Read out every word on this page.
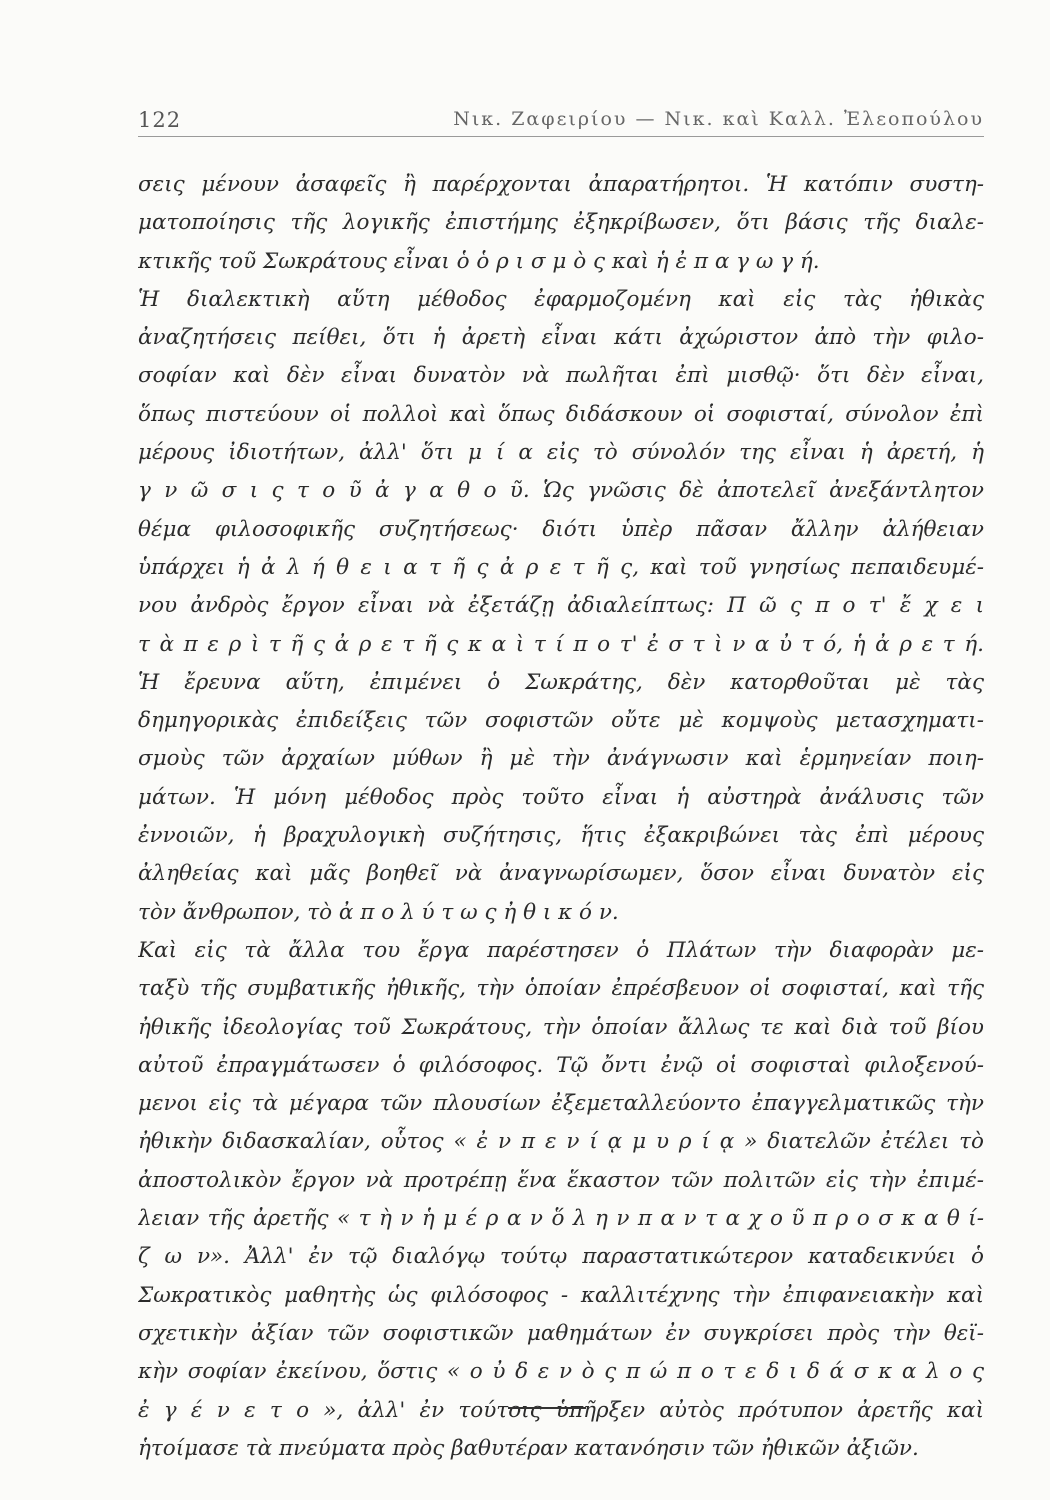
122	Νικ. Ζαφειρίου — Νικ. καὶ Καλλ. Ἐλεοπούλου
σεις μένουν ἀσαφεῖς ἢ παρέρχονται ἀπαρατήρητοι. Ἡ κατόπιν συστη-
ματοποίησις τῆς λογικῆς ἐπιστήμης ἐξηκρίβωσεν, ὅτι βάσις τῆς διαλε-
κτικῆς τοῦ Σωκράτους εἶναι ὁ ὁ ρ ι σ μ ὸ ς καὶ ἡ ἐ π α γ ω γ ή.
Ἡ διαλεκτικὴ αὕτη μέθοδος ἐφαρμοζομένη καὶ εἰς τὰς ἠθικὰς
ἀναζητήσεις πείθει, ὅτι ἡ ἀρετὴ εἶναι κάτι ἀχώριστον ἀπὸ τὴν φιλο-
σοφίαν καὶ δὲν εἶναι δυνατὸν νὰ πωλῆται ἐπὶ μισθῷ· ὅτι δὲν εἶναι,
ὅπως πιστεύουν οἱ πολλοὶ καὶ ὅπως διδάσκουν οἱ σοφισταί, σύνολον ἐπὶ
μέρους ἰδιοτήτων, ἀλλ' ὅτι μ ί α εἰς τὸ σύνολόν της εἶναι ἡ ἀρετή, ἡ
γ ν ῶ σ ι ς τ ο ῦ ἀ γ α θ ο ῦ. Ὡς γνῶσις δὲ ἀποτελεῖ ἀνεξάντλητον
θέμα φιλοσοφικῆς συζητήσεως· διότι ὑπὲρ πᾶσαν ἄλλην ἀλήθειαν
ὑπάρχει ἡ ἀ λ ή θ ε ι α τ ῆ ς ἀ ρ ε τ ῆ ς, καὶ τοῦ γνησίως πεπαιδευμέ-
νου ἀνδρὸς ἔργον εἶναι νὰ ἐξετάζῃ ἀδιαλείπτως: Π ῶ ς π ο τ' ἔ χ ε ι
τ ὰ π ε ρ ὶ τ ῆ ς ἀ ρ ε τ ῆ ς κ α ὶ τ ί π ο τ' ἐ σ τ ὶ ν α ὐ τ ό, ἡ ἀ ρ ε τ ή.
Ἡ ἔρευνα αὕτη, ἐπιμένει ὁ Σωκράτης, δὲν κατορθοῦται μὲ τὰς
δημηγορικὰς ἐπιδείξεις τῶν σοφιστῶν οὔτε μὲ κομψοὺς μετασχηματι-
σμοὺς τῶν ἀρχαίων μύθων ἢ μὲ τὴν ἀνάγνωσιν καὶ ἑρμηνείαν ποιη-
μάτων. Ἡ μόνη μέθοδος πρὸς τοῦτο εἶναι ἡ αὐστηρὰ ἀνάλυσις τῶν
ἐννοιῶν, ἡ βραχυλογικὴ συζήτησις, ἥτις ἐξακριβώνει τὰς ἐπὶ μέρους
ἀληθείας καὶ μᾶς βοηθεῖ νὰ ἀναγνωρίσωμεν, ὅσον εἶναι δυνατὸν εἰς
τὸν ἄνθρωπον, τὸ ἀ π ο λ ύ τ ω ς ἠ θ ι κ ό ν.
Καὶ εἰς τὰ ἄλλα του ἔργα παρέστησεν ὁ Πλάτων τὴν διαφορὰν με-
ταξὺ τῆς συμβατικῆς ἠθικῆς, τὴν ὁποίαν ἐπρέσβευον οἱ σοφισταί, καὶ τῆς
ἠθικῆς ἰδεολογίας τοῦ Σωκράτους, τὴν ὁποίαν ἄλλως τε καὶ διὰ τοῦ βίου
αὐτοῦ ἐπραγμάτωσεν ὁ φιλόσοφος. Τῷ ὄντι ἐνῷ οἱ σοφισταὶ φιλοξενού-
μενοι εἰς τὰ μέγαρα τῶν πλουσίων ἐξεμεταλλεύοντο ἐπαγγελματικῶς τὴν
ἠθικὴν διδασκαλίαν, οὗτος « ἐ ν π ε ν ί ᾳ μ υ ρ ί ᾳ » διατελῶν ἐτέλει τὸ
ἀποστολικὸν ἔργον νὰ προτρέπῃ ἕνα ἕκαστον τῶν πολιτῶν εἰς τὴν ἐπιμέ-
λειαν τῆς ἀρετῆς « τ ὴ ν ἡ μ έ ρ α ν ὅ λ η ν π α ν τ α χ ο ῦ π ρ ο σ κ α θ ί-
ζ ω ν». Ἀλλ' ἐν τῷ διαλόγῳ τούτῳ παραστατικώτερον καταδεικνύει ὁ
Σωκρατικὸς μαθητὴς ὡς φιλόσοφος - καλλιτέχνης τὴν ἐπιφανειακὴν καὶ
σχετικὴν ἀξίαν τῶν σοφιστικῶν μαθημάτων ἐν συγκρίσει πρὸς τὴν θεϊ-
κὴν σοφίαν ἐκείνου, ὅστις « ο ὐ δ ε ν ὸ ς π ώ π ο τ ε δ ι δ ά σ κ α λ ο ς
ἐ γ έ ν ε τ ο », ἀλλ' ἐν τούτοις ὑπῆρξεν αὐτὸς πρότυπον ἀρετῆς καὶ
ἡτοίμασε τὰ πνεύματα πρὸς βαθυτέραν κατανόησιν τῶν ἠθικῶν ἀξιῶν.
